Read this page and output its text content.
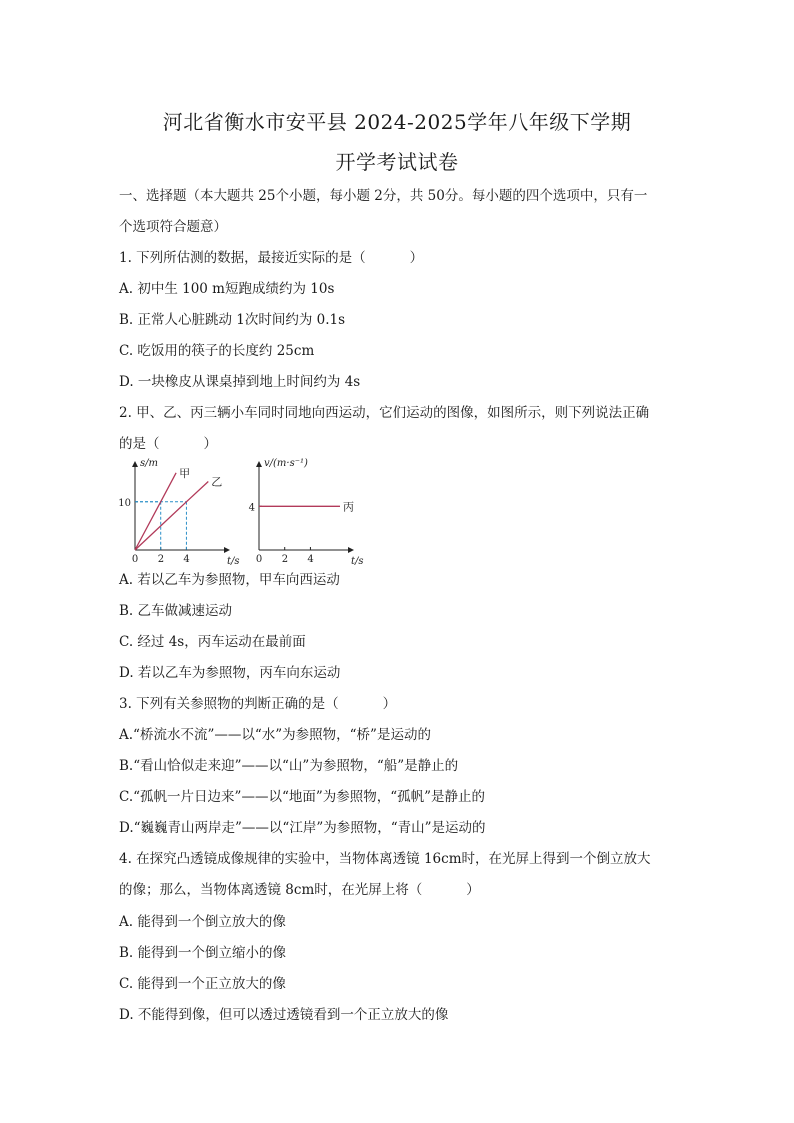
河北省衡水市安平县 2024-2025学年八年级下学期
开学考试试卷
一、选择题（本大题共 25个小题，每小题 2分，共 50分。每小题的四个选项中，只有一
个选项符合题意）
1. 下列所估测的数据，最接近实际的是（	）
A. 初中生 100 m短跑成绩约为 10s
B. 正常人心脏跳动 1次时间约为 0.1s
C. 吃饭用的筷子的长度约 25cm
D. 一块橡皮从课桌掉到地上时间约为 4s
2. 甲、乙、丙三辆小车同时同地向西运动，它们运动的图像，如图所示，则下列说法正确
的是（	）
s/m
t/s
0 2 4
10
甲
乙
v/(m·s⁻¹)
t/s
0 2 4
4	丙
A. 若以乙车为参照物，甲车向西运动
B. 乙车做减速运动
C. 经过 4s，丙车运动在最前面
D. 若以乙车为参照物，丙车向东运动
3. 下列有关参照物的判断正确的是（	）
A.“桥流水不流”——以“水”为参照物，“桥”是运动的
B.“看山恰似走来迎”——以“山”为参照物，“船”是静止的
C.“孤帆一片日边来”——以“地面”为参照物，“孤帆”是静止的
D.“巍巍青山两岸走”——以“江岸”为参照物，“青山”是运动的
4. 在探究凸透镜成像规律的实验中，当物体离透镜 16cm时，在光屏上得到一个倒立放大
的像；那么，当物体离透镜 8cm时，在光屏上将（	）
A. 能得到一个倒立放大的像
B. 能得到一个倒立缩小的像
C. 能得到一个正立放大的像
D. 不能得到像，但可以透过透镜看到一个正立放大的像
